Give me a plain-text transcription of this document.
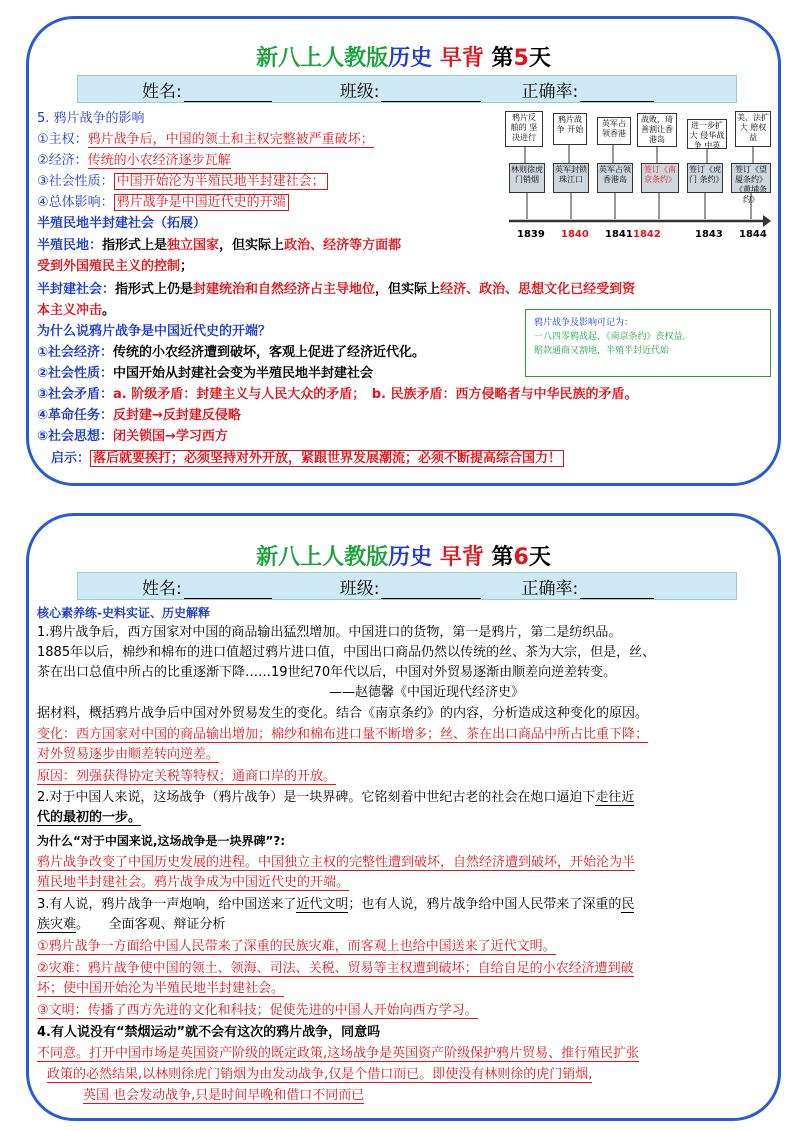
新八上人教版历史 早背 第5天
姓名:	班级:	正确率:
5. 鸦片战争的影响
①主权：鸦片战争后，中国的领土和主权完整被严重破坏；
②经济：传统的小农经济逐步瓦解
③社会性质： 中国开始沦为半殖民地半封建社会；
④总体影响： 鸦片战争是中国近代史的开端
半殖民地半封建社会（拓展）
半殖民地：指形式上是独立国家，但实际上政治、经济等方面都
受到外国殖民主义的控制；
半封建社会：指形式上仍是封建统治和自然经济占主导地位，但实际上经济、政治、思想文化已经受到资
本主义冲击。
为什么说鸦片战争是中国近代史的开端？
①社会经济：传统的小农经济遭到破坏，客观上促进了经济近代化。
②社会性质：中国开始从封建社会变为半殖民地半封建社会
③社会矛盾：a. 阶级矛盾：封建主义与人民大众的矛盾；　b. 民族矛盾：西方侵略者与中华民族的矛盾。
④革命任务：反封建→反封建反侵略
⑤社会思想：闭关锁国→学习西方
启示： 落后就要挨打；必须坚持对外开放，紧跟世界发展潮流；必须不断提高综合国力！
鸦片反 舶的 坚 决进行
鸦片战争 开始
英军占 领香港
战败，琦 善割让香 港岛
进一步扩大 侵华战争 中英
美、法扩大 赔权益
林则徐虎 门销烟
英军封锁 珠江口
英军占领 香港岛
签订《南 京条约》
签订《虎门 条约》
签订《望厦条约》 《黄埔条约》
1839 1840 1841 1842	1843 1844
鸦片战争及影响可记为：
一八四零鸦战起，《南京条约》丧权益。
赔款通商又割地，半殖半封近代始
新八上人教版历史 早背 第6天
姓名:	班级:	正确率:
核心素养练-史料实证、历史解释
1.鸦片战争后，西方国家对中国的商品输出猛烈增加。中国进口的货物，第一是鸦片，第二是纺织品。
1885年以后，棉纱和棉布的进口值超过鸦片进口值，中国出口商品仍然以传统的丝、茶为大宗，但是，丝、
茶在出口总值中所占的比重逐渐下降……19世纪70年代以后，中国对外贸易逐渐由顺差向逆差转变。
——赵德馨《中国近现代经济史》
据材料，概括鸦片战争后中国对外贸易发生的变化。结合《南京条约》的内容，分析造成这种变化的原因。
变化：西方国家对中国的商品输出增加；棉纱和棉布进口量不断增多；丝、茶在出口商品中所占比重下降；
对外贸易逐步由顺差转向逆差。
原因：列强获得协定关税等特权；通商口岸的开放。
2.对于中国人来说，这场战争（鸦片战争）是一块界碑。它铭刻着中世纪古老的社会在炮口逼迫下走往近
代的最初的一步。
为什么“对于中国来说,这场战争是一块界碑”?:
鸦片战争改变了中国历史发展的进程。中国独立主权的完整性遭到破坏，自然经济遭到破坏，开始沦为半
殖民地半封建社会。鸦片战争成为中国近代史的开端。
3.有人说，鸦片战争一声炮响，给中国送来了近代文明；也有人说，鸦片战争给中国人民带来了深重的民
族灾难。　　全面客观、辩证分析
①鸦片战争一方面给中国人民带来了深重的民族灾难，而客观上也给中国送来了近代文明。
②灾难：鸦片战争使中国的领土、领海、司法、关税、贸易等主权遭到破坏；自给自足的小农经济遭到破
坏；使中国开始沦为半殖民地半封建社会。
③文明：传播了西方先进的文化和科技；促使先进的中国人开始向西方学习。
4.有人说没有“禁烟运动”就不会有这次的鸦片战争，同意吗
不同意。打开中国市场是英国资产阶级的既定政策,这场战争是英国资产阶级保护鸦片贸易、推行殖民扩张
政策的必然结果,以林则徐虎门销烟为由发动战争,仅是个借口而已。即使没有林则徐的虎门销烟,
英国 也会发动战争,只是时间早晚和借口不同而已
